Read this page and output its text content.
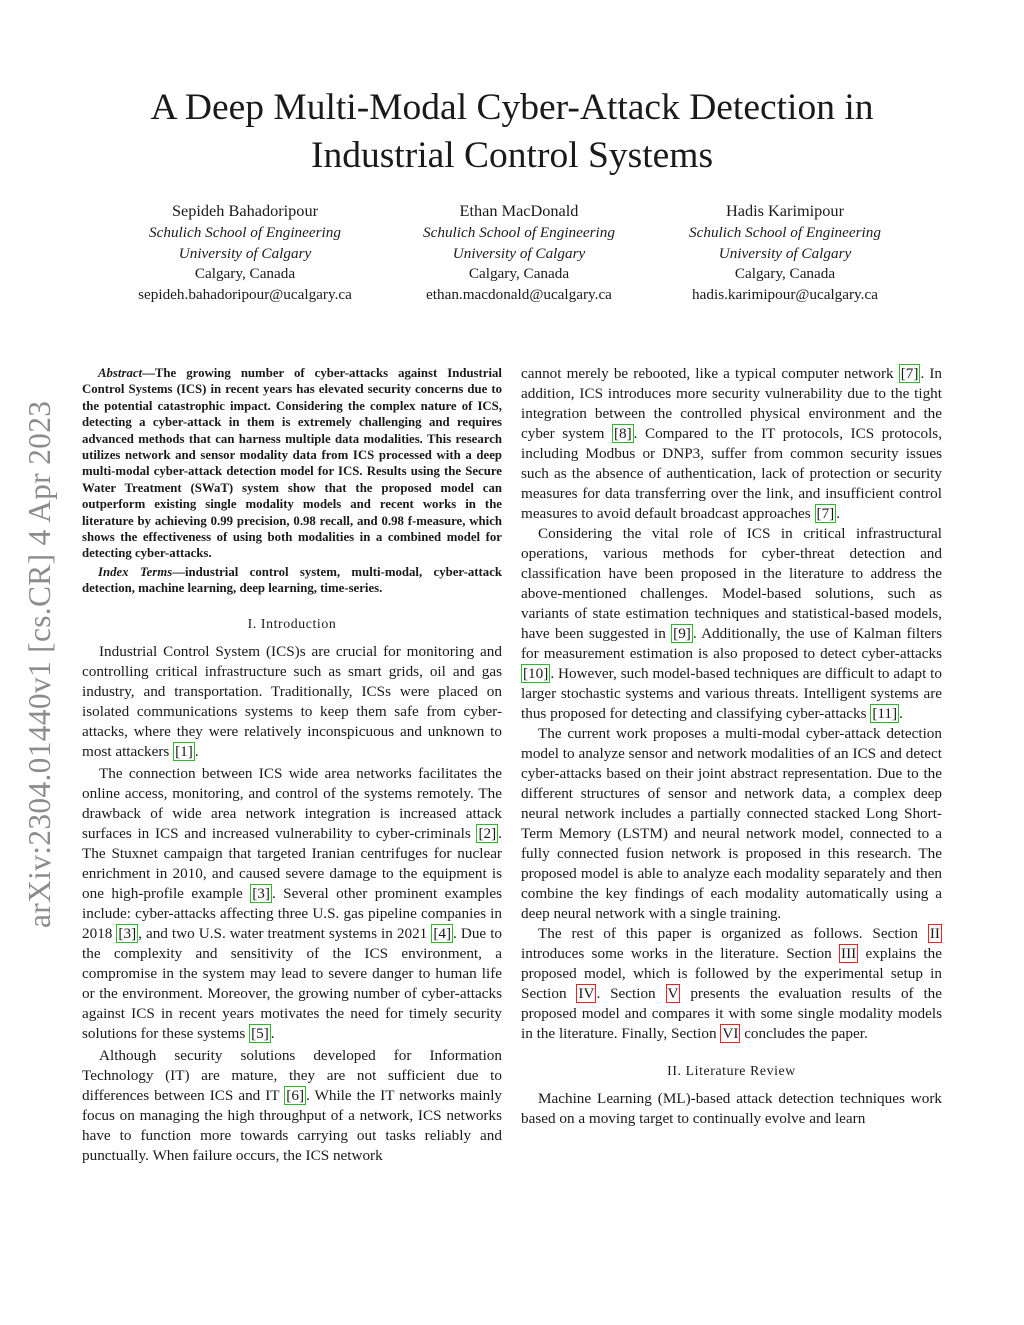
A Deep Multi-Modal Cyber-Attack Detection in
Industrial Control Systems
Sepideh Bahadoripour
Schulich School of Engineering
University of Calgary
Calgary, Canada
sepideh.bahadoripour@ucalgary.ca
Ethan MacDonald
Schulich School of Engineering
University of Calgary
Calgary, Canada
ethan.macdonald@ucalgary.ca
Hadis Karimipour
Schulich School of Engineering
University of Calgary
Calgary, Canada
hadis.karimipour@ucalgary.ca
arXiv:2304.01440v1 [cs.CR] 4 Apr 2023

Abstract—The growing number of cyber-attacks against Industrial Control Systems (ICS) in recent years has elevated security concerns due to the potential catastrophic impact. Considering the complex nature of ICS, detecting a cyber-attack in them is extremely challenging and requires advanced methods that can harness multiple data modalities. This research utilizes network and sensor modality data from ICS processed with a deep multi-modal cyber-attack detection model for ICS. Results using the Secure Water Treatment (SWaT) system show that the proposed model can outperform existing single modality models and recent works in the literature by achieving 0.99 precision, 0.98 recall, and 0.98 f-measure, which shows the effectiveness of using both modalities in a combined model for detecting cyber-attacks.

Index Terms—industrial control system, multi-modal, cyber-attack detection, machine learning, deep learning, time-series.

I. Introduction

Industrial Control System (ICS)s are crucial for monitoring and controlling critical infrastructure such as smart grids, oil and gas industry, and transportation. Traditionally, ICSs were placed on isolated communications systems to keep them safe from cyber-attacks, where they were relatively inconspicuous and unknown to most attackers [1] .

The connection between ICS wide area networks facilitates the online access, monitoring, and control of the systems remotely. The drawback of wide area network integration is increased attack surfaces in ICS and increased vulnerability to cyber-criminals [2] . The Stuxnet campaign that targeted Iranian centrifuges for nuclear enrichment in 2010, and caused severe damage to the equipment is one high-profile example [3] . Several other prominent examples include: cyber-attacks affecting three U.S. gas pipeline companies in 2018 [3] , and two U.S. water treatment systems in 2021 [4] . Due to the complexity and sensitivity of the ICS environment, a compromise in the system may lead to severe danger to human life or the environment. Moreover, the growing number of cyber-attacks against ICS in recent years motivates the need for timely security solutions for these systems [5] .

Although security solutions developed for Information Technology (IT) are mature, they are not sufficient due to differences between ICS and IT [6] . While the IT networks mainly focus on managing the high throughput of a network, ICS networks have to function more towards carrying out tasks reliably and punctually. When failure occurs, the ICS network

cannot merely be rebooted, like a typical computer network [7] . In addition, ICS introduces more security vulnerability due to the tight integration between the controlled physical environment and the cyber system [8] . Compared to the IT protocols, ICS protocols, including Modbus or DNP3, suffer from common security issues such as the absence of authentication, lack of protection or security measures for data transferring over the link, and insufficient control measures to avoid default broadcast approaches [7] .

Considering the vital role of ICS in critical infrastructural operations, various methods for cyber-threat detection and classification have been proposed in the literature to address the above-mentioned challenges. Model-based solutions, such as variants of state estimation techniques and statistical-based models, have been suggested in [9] . Additionally, the use of Kalman filters for measurement estimation is also proposed to detect cyber-attacks [10] . However, such model-based techniques are difficult to adapt to larger stochastic systems and various threats. Intelligent systems are thus proposed for detecting and classifying cyber-attacks [11] .

The current work proposes a multi-modal cyber-attack detection model to analyze sensor and network modalities of an ICS and detect cyber-attacks based on their joint abstract representation. Due to the different structures of sensor and network data, a complex deep neural network includes a partially connected stacked Long Short-Term Memory (LSTM) and neural network model, connected to a fully connected fusion network is proposed in this research. The proposed model is able to analyze each modality separately and then combine the key findings of each modality automatically using a deep neural network with a single training.

The rest of this paper is organized as follows. Section II introduces some works in the literature. Section III explains the proposed model, which is followed by the experimental setup in Section IV . Section V presents the evaluation results of the proposed model and compares it with some single modality models in the literature. Finally, Section VI concludes the paper.

II. Literature Review

Machine Learning (ML)-based attack detection techniques work based on a moving target to continually evolve and learn
